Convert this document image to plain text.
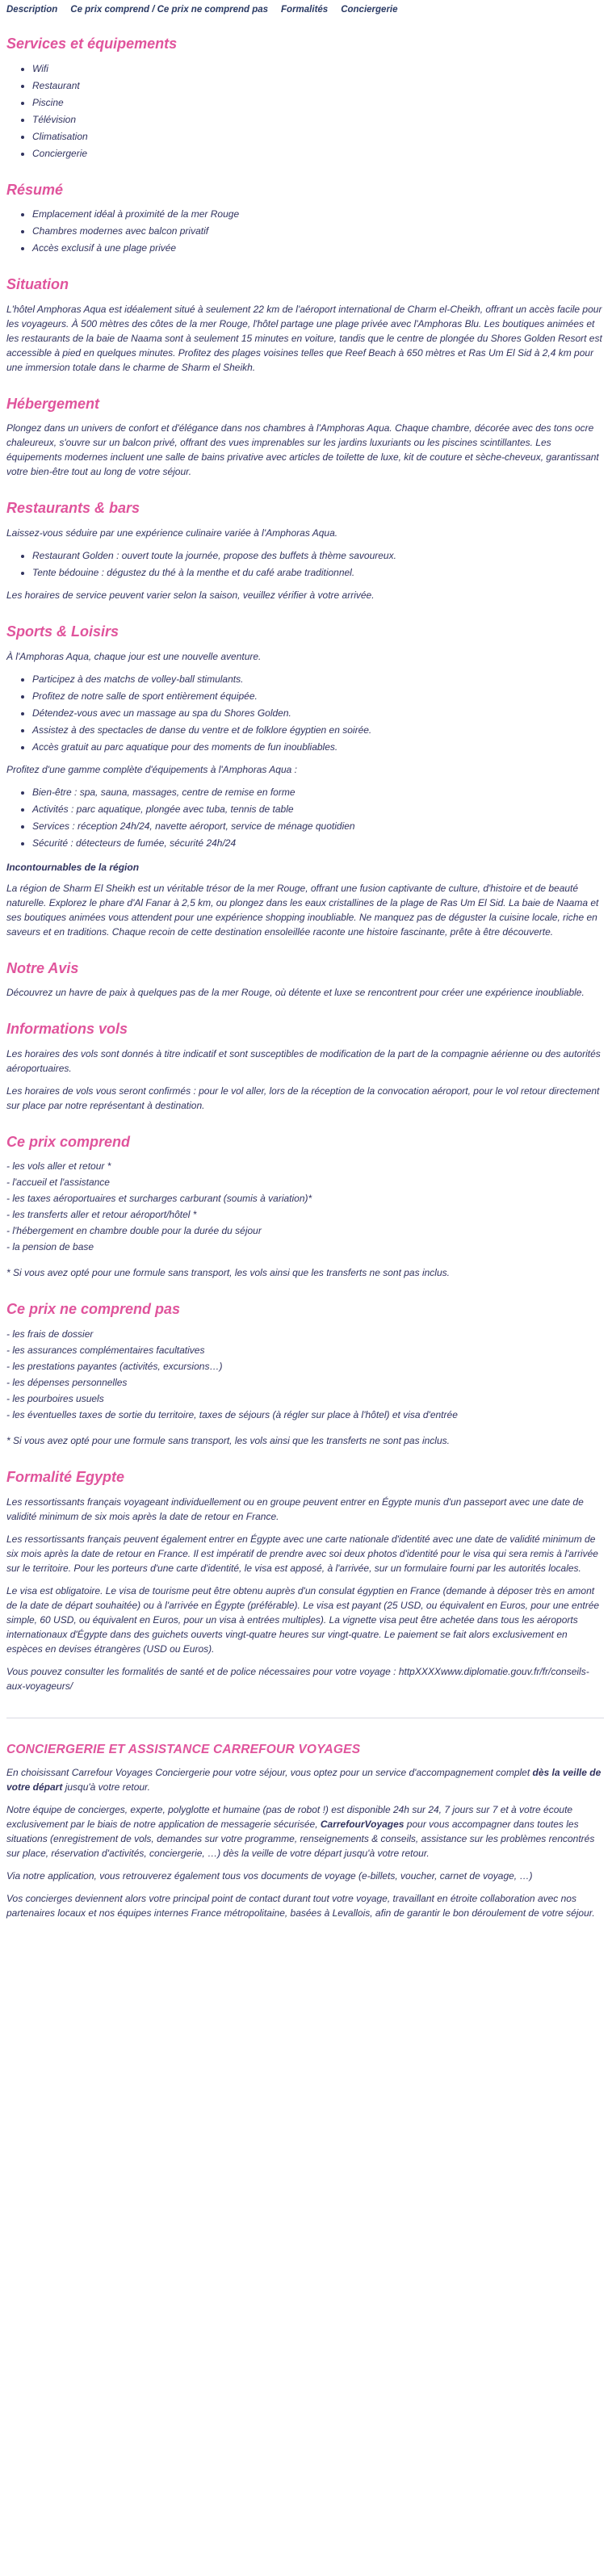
Description Ce prix comprend / Ce prix ne comprend pas Formalités Conciergerie
Services et équipements
• Wifi
• Restaurant
• Piscine
• Télévision
• Climatisation
• Conciergerie
Résumé
• Emplacement idéal à proximité de la mer Rouge
• Chambres modernes avec balcon privatif
• Accès exclusif à une plage privée
Situation

L'hôtel Amphoras Aqua est idéalement situé à seulement 22 km de l'aéroport international de Charm el-Cheikh, offrant un accès facile pour les voyageurs. À 500 mètres des côtes de la mer Rouge, l'hôtel partage une plage privée avec l'Amphoras Blu. Les boutiques animées et les restaurants de la baie de Naama sont à seulement 15 minutes en voiture, tandis que le centre de plongée du Shores Golden Resort est accessible à pied en quelques minutes. Profitez des plages voisines telles que Reef Beach à 650 mètres et Ras Um El Sid à 2,4 km pour une immersion totale dans le charme de Sharm el Sheikh.

Hébergement

Plongez dans un univers de confort et d'élégance dans nos chambres à l'Amphoras Aqua. Chaque chambre, décorée avec des tons ocre chaleureux, s'ouvre sur un balcon privé, offrant des vues imprenables sur les jardins luxuriants ou les piscines scintillantes. Les équipements modernes incluent une salle de bains privative avec articles de toilette de luxe, kit de couture et sèche-cheveux, garantissant votre bien-être tout au long de votre séjour.

Restaurants & bars

Laissez-vous séduire par une expérience culinaire variée à l'Amphoras Aqua.

• Restaurant Golden : ouvert toute la journée, propose des buffets à thème savoureux.
• Tente bédouine : dégustez du thé à la menthe et du café arabe traditionnel.

Les horaires de service peuvent varier selon la saison, veuillez vérifier à votre arrivée.

Sports & Loisirs

À l'Amphoras Aqua, chaque jour est une nouvelle aventure.

• Participez à des matchs de volley-ball stimulants.
• Profitez de notre salle de sport entièrement équipée.
• Détendez-vous avec un massage au spa du Shores Golden.
• Assistez à des spectacles de danse du ventre et de folklore égyptien en soirée.
• Accès gratuit au parc aquatique pour des moments de fun inoubliables.

Profitez d'une gamme complète d'équipements à l'Amphoras Aqua :

• Bien-être : spa, sauna, massages, centre de remise en forme
• Activités : parc aquatique, plongée avec tuba, tennis de table
• Services : réception 24h/24, navette aéroport, service de ménage quotidien
• Sécurité : détecteurs de fumée, sécurité 24h/24

Incontournables de la région

La région de Sharm El Sheikh est un véritable trésor de la mer Rouge, offrant une fusion captivante de culture, d'histoire et de beauté naturelle. Explorez le phare d'Al Fanar à 2,5 km, ou plongez dans les eaux cristallines de la plage de Ras Um El Sid. La baie de Naama et ses boutiques animées vous attendent pour une expérience shopping inoubliable. Ne manquez pas de déguster la cuisine locale, riche en saveurs et en traditions. Chaque recoin de cette destination ensoleillée raconte une histoire fascinante, prête à être découverte.

Notre Avis

Découvrez un havre de paix à quelques pas de la mer Rouge, où détente et luxe se rencontrent pour créer une expérience inoubliable.

Informations vols

Les horaires des vols sont donnés à titre indicatif et sont susceptibles de modification de la part de la compagnie aérienne ou des autorités aéroportuaires.

Les horaires de vols vous seront confirmés : pour le vol aller, lors de la réception de la convocation aéroport, pour le vol retour directement sur place par notre représentant à destination.

Ce prix comprend

- les vols aller et retour *

- l'accueil et l'assistance

- les taxes aéroportuaires et surcharges carburant (soumis à variation)*

- les transferts aller et retour aéroport/hôtel *

- l'hébergement en chambre double pour la durée du séjour

- la pension de base

* Si vous avez opté pour une formule sans transport, les vols ainsi que les transferts ne sont pas inclus.

Ce prix ne comprend pas

- les frais de dossier

- les assurances complémentaires facultatives

- les prestations payantes (activités, excursions…)

- les dépenses personnelles

- les pourboires usuels

- les éventuelles taxes de sortie du territoire, taxes de séjours (à régler sur place à l'hôtel) et visa d'entrée

* Si vous avez opté pour une formule sans transport, les vols ainsi que les transferts ne sont pas inclus.

Formalité Egypte

Les ressortissants français voyageant individuellement ou en groupe peuvent entrer en Égypte munis d'un passeport avec une date de validité minimum de six mois après la date de retour en France.

Les ressortissants français peuvent également entrer en Égypte avec une carte nationale d'identité avec une date de validité minimum de six mois après la date de retour en France. Il est impératif de prendre avec soi deux photos d'identité pour le visa qui sera remis à l'arrivée sur le territoire. Pour les porteurs d'une carte d'identité, le visa est apposé, à l'arrivée, sur un formulaire fourni par les autorités locales.

Le visa est obligatoire. Le visa de tourisme peut être obtenu auprès d'un consulat égyptien en France (demande à déposer très en amont de la date de départ souhaitée) ou à l'arrivée en Égypte (préférable). Le visa est payant (25 USD, ou équivalent en Euros, pour une entrée simple, 60 USD, ou équivalent en Euros, pour un visa à entrées multiples). La vignette visa peut être achetée dans tous les aéroports internationaux d'Égypte dans des guichets ouverts vingt-quatre heures sur vingt-quatre. Le paiement se fait alors exclusivement en espèces en devises étrangères (USD ou Euros).

Vous pouvez consulter les formalités de santé et de police nécessaires pour votre voyage : httpXXXXwww.diplomatie.gouv.fr/fr/conseils-aux-voyageurs/

CONCIERGERIE ET ASSISTANCE CARREFOUR VOYAGES

En choisissant Carrefour Voyages Conciergerie pour votre séjour, vous optez pour un service d'accompagnement complet dès la veille de votre départ jusqu'à votre retour.

Notre équipe de concierges, experte, polyglotte et humaine (pas de robot !) est disponible 24h sur 24, 7 jours sur 7 et à votre écoute exclusivement par le biais de notre application de messagerie sécurisée, CarrefourVoyages pour vous accompagner dans toutes les situations (enregistrement de vols, demandes sur votre programme, renseignements & conseils, assistance sur les problèmes rencontrés sur place, réservation d'activités, conciergerie, …) dès la veille de votre départ jusqu'à votre retour.

Via notre application, vous retrouverez également tous vos documents de voyage (e-billets, voucher, carnet de voyage, …)

Vos concierges deviennent alors votre principal point de contact durant tout votre voyage, travaillant en étroite collaboration avec nos partenaires locaux et nos équipes internes France métropolitaine, basées à Levallois, afin de garantir le bon déroulement de votre séjour.
